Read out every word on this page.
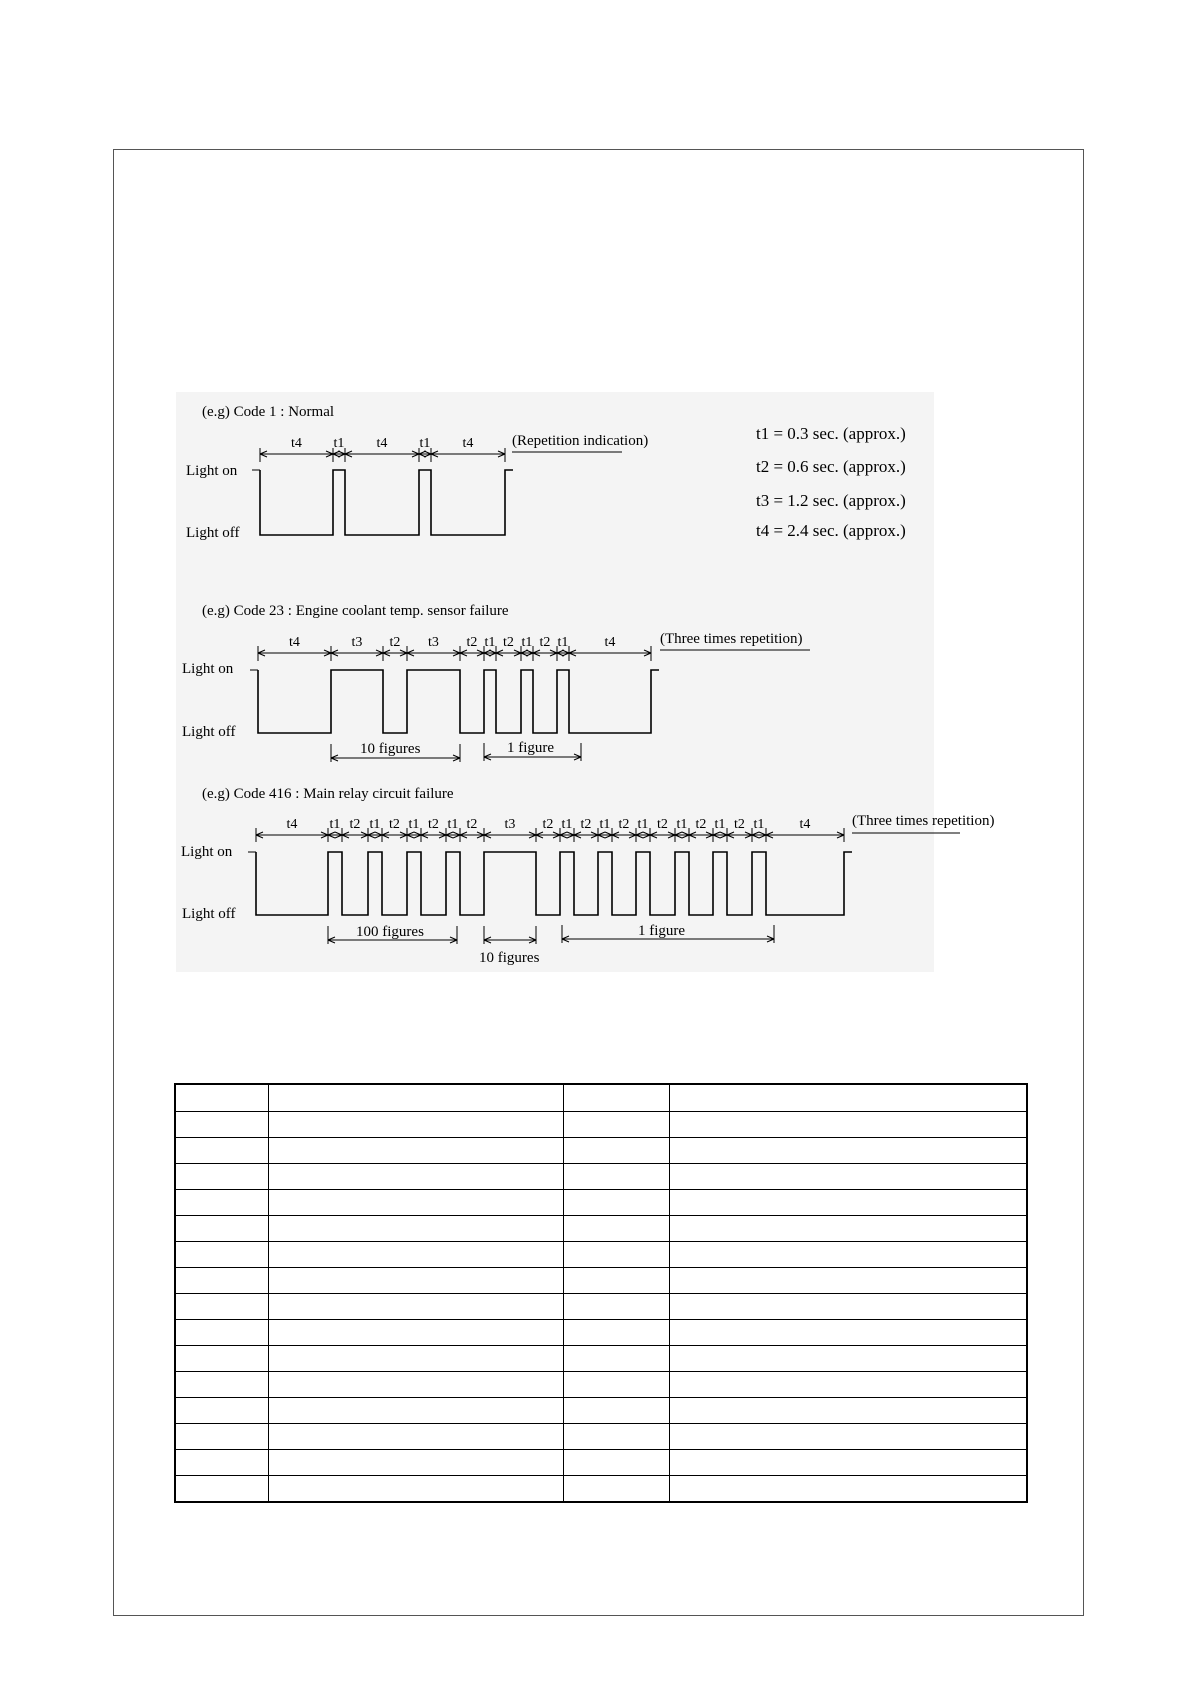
t1 = 0.3 sec. (approx.)
t2 = 0.6 sec. (approx.)
t3 = 1.2 sec. (approx.)
t4 = 2.4 sec. (approx.)
(e.g) Code 1 : Normal
Light on
Light off
(Repetition indication)
t4 t1 t4 t1 t4
(e.g) Code 23 : Engine coolant temp. sensor failure
Light on
Light off
(Three times repetition)
10 figures	1 figure
t4	t3 t2 t3 t2 t1 t2 t1 t2 t1	t4
(e.g) Code 416 : Main relay circuit failure
Light on
Light off
(Three times repetition)
100 figures
10 figures
1 figure
t4 t1 t2 t1 t2 t1 t2 t1 t2 t3 t2 t1 t2 t1 t2 t1 t2 t1 t2 t1 t2 t1	t4
